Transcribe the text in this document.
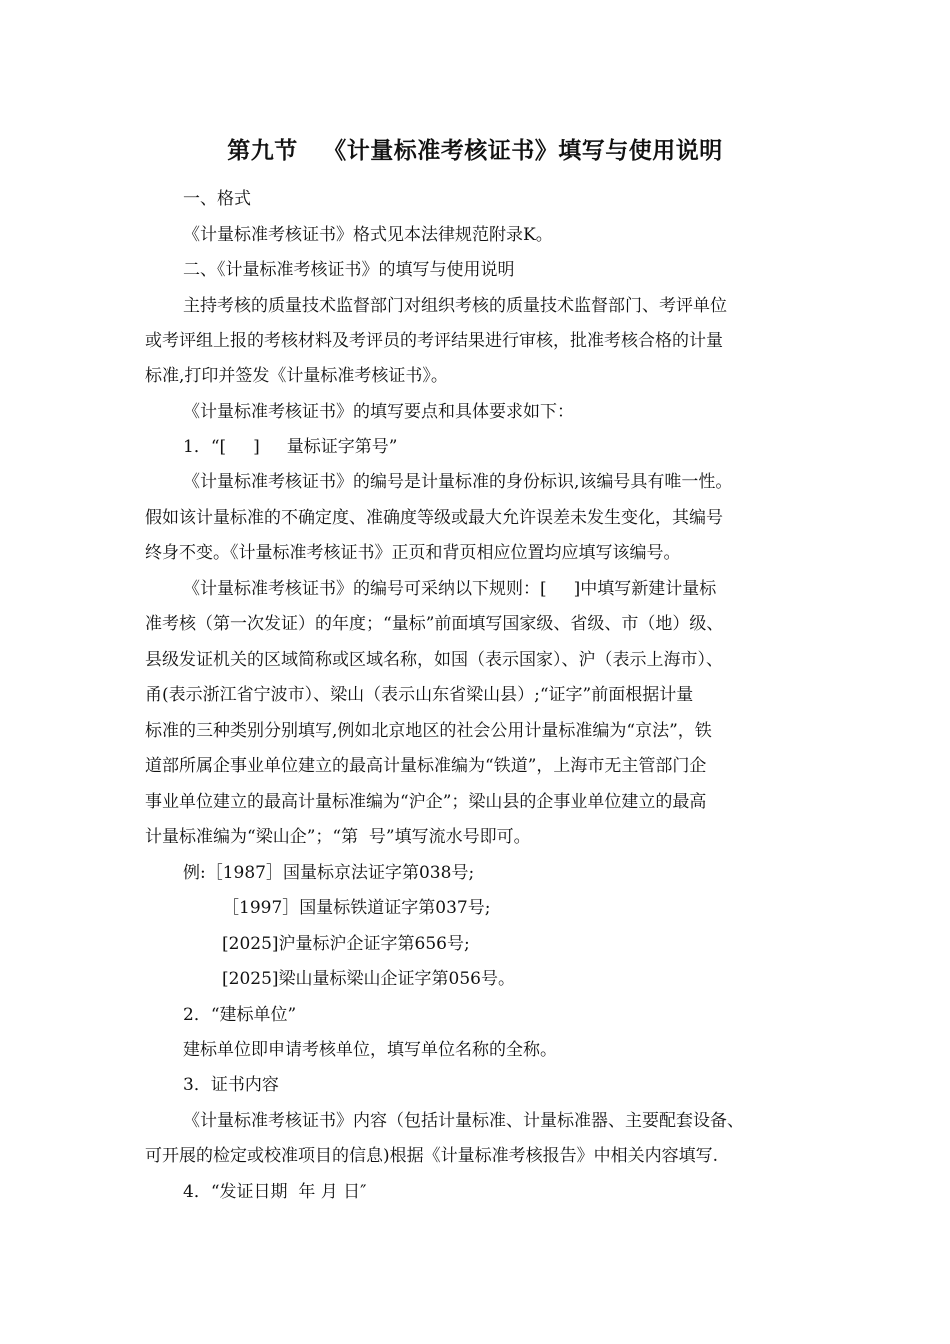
第九节   《计量标准考核证书》填写与使用说明
一、格式
《计量标准考核证书》格式见本法律规范附录K。
二、《计量标准考核证书》的填写与使用说明
主持考核的质量技术监督部门对组织考核的质量技术监督部门、考评单位
或考评组上报的考核材料及考评员的考评结果进行审核，批准考核合格的计量
标准,打印并签发《计量标准考核证书》。
《计量标准考核证书》的填写要点和具体要求如下：
1．“[     ]     量标证字第号”
《计量标准考核证书》的编号是计量标准的身份标识,该编号具有唯一性。
假如该计量标准的不确定度、准确度等级或最大允许误差未发生变化，其编号
终身不变。《计量标准考核证书》正页和背页相应位置均应填写该编号。
《计量标准考核证书》的编号可采纳以下规则：[     ]中填写新建计量标
准考核（第一次发证）的年度；“量标”前面填写国家级、省级、市（地）级、
县级发证机关的区域简称或区域名称，如国（表示国家）、沪（表示上海市）、
甬(表示浙江省宁波市）、梁山（表示山东省梁山县）;“证字”前面根据计量
标准的三种类别分别填写,例如北京地区的社会公用计量标准编为“京法”，铁
道部所属企事业单位建立的最高计量标准编为“铁道”，上海市无主管部门企
事业单位建立的最高计量标准编为“沪企”；梁山县的企事业单位建立的最高
计量标准编为“梁山企”；“第  号”填写流水号即可。
例:［1987］国量标京法证字第038号;
［1997］国量标铁道证字第037号;
[2025]沪量标沪企证字第656号;
[2025]梁山量标梁山企证字第056号。
2．“建标单位”
建标单位即申请考核单位，填写单位名称的全称。
3．证书内容
《计量标准考核证书》内容（包括计量标准、计量标准器、主要配套设备、
可开展的检定或校准项目的信息)根据《计量标准考核报告》中相关内容填写.
4．“发证日期  年 月 日″
